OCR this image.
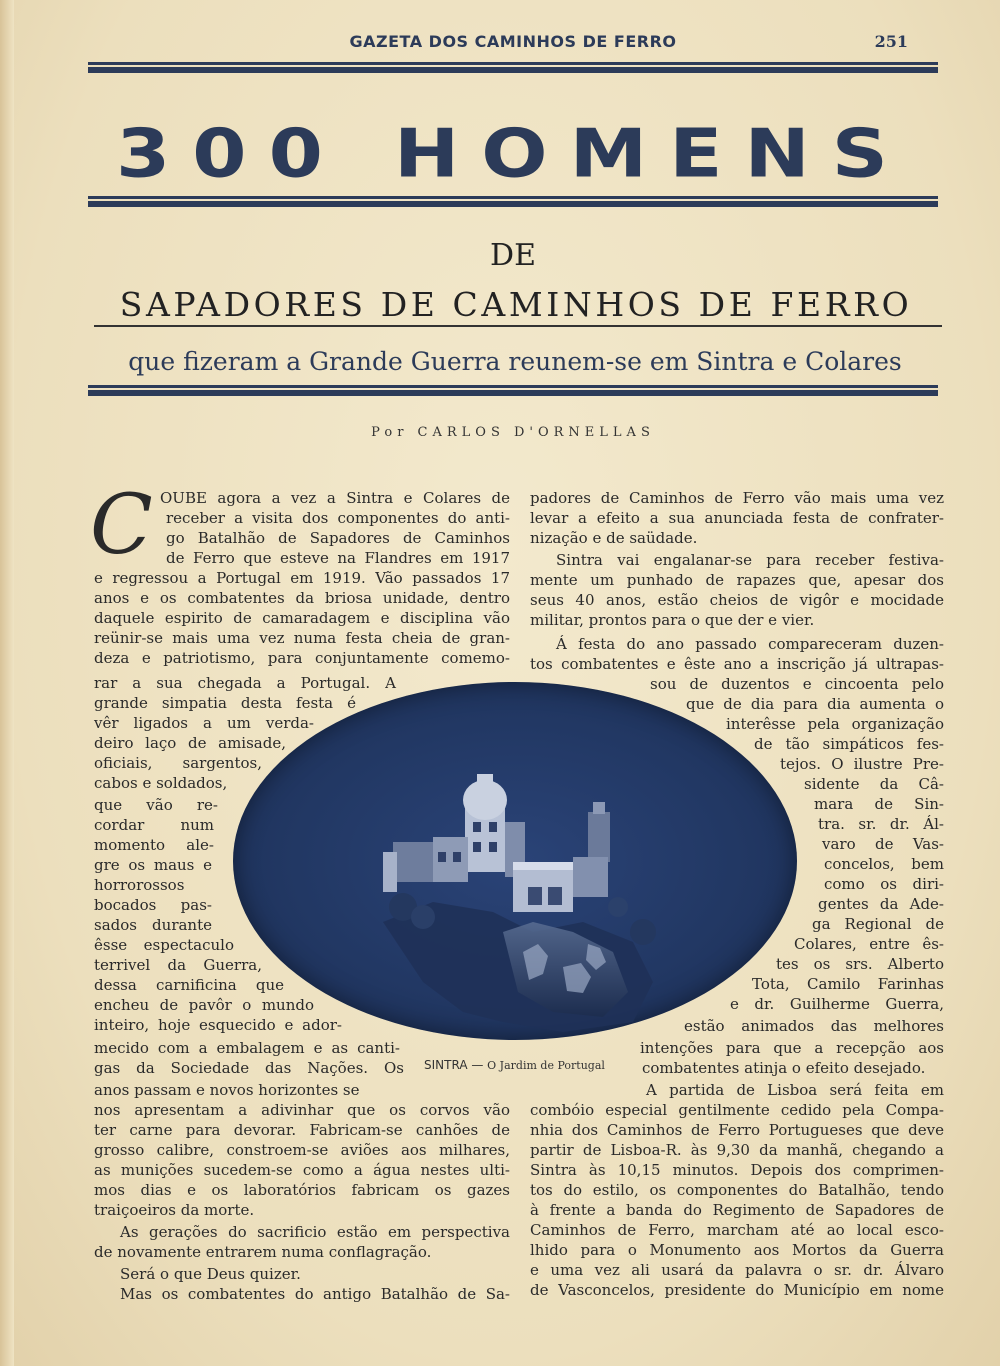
GAZETA DOS CAMINHOS DE FERRO	251
300 HOMENS
DE
SAPADORES DE CAMINHOS DE FERRO
que fizeram a Grande Guerra reunem-se em Sintra e Colares
Por CARLOS D'ORNELLAS
C OUBE agora a vez a Sintra e Colares de

receber a visita dos componentes do anti-

go Batalhão de Sapadores de Caminhos

de Ferro que esteve na Flandres em 1917

e regressou a Portugal em 1919. Vão passados 17

anos e os combatentes da briosa unidade, dentro

daquele espirito de camaradagem e disciplina vão

reünir-se mais uma vez numa festa cheia de gran-

deza e patriotismo, para conjuntamente comemo-

rar a sua chegada a Portugal. A

grande simpatia desta festa é

vêr ligados a um verda-

deiro laço de amisade,

oficiais, sargentos,

cabos e soldados,

que vão re-

cordar num

momento ale-

gre os maus e

horrorossos

bocados pas-

sados durante

êsse espectaculo

terrivel da Guerra,

dessa carnificina que

encheu de pavôr o mundo

inteiro, hoje esquecido e ador-

mecido com a embalagem e as canti-

gas da Sociedade das Nações. Os

anos passam e novos horizontes se

nos apresentam a adivinhar que os corvos vão

ter carne para devorar. Fabricam-se canhões de

grosso calibre, constroem-se aviões aos milhares,

as munições sucedem-se como a água nestes ulti-

mos dias e os laboratórios fabricam os gazes

traiçoeiros da morte.

As gerações do sacrificio estão em perspectiva

de novamente entrarem numa conflagração.

Será o que Deus quizer.

Mas os combatentes do antigo Batalhão de Sa-

padores de Caminhos de Ferro vão mais uma vez

levar a efeito a sua anunciada festa de confrater-

nização e de saüdade.

Sintra vai engalanar-se para receber festiva-

mente um punhado de rapazes que, apesar dos

seus 40 anos, estão cheios de vigôr e mocidade

militar, prontos para o que der e vier.

Á festa do ano passado compareceram duzen-

tos combatentes e êste ano a inscrição já ultrapas-

sou de duzentos e cincoenta pelo

que de dia para dia aumenta o

interêsse pela organização

de tão simpáticos fes-

tejos. O ilustre Pre-

sidente da Câ-

mara de Sin-

tra. sr. dr. Ál-

varo de Vas-

concelos, bem

como os diri-

gentes da Ade-

ga Regional de

Colares, entre ês-

tes os srs. Alberto

Tota, Camilo Farinhas

e dr. Guilherme Guerra,

estão animados das melhores

intenções para que a recepção aos

combatentes atinja o efeito desejado.

A partida de Lisboa será feita em

combóio especial gentilmente cedido pela Compa-

nhia dos Caminhos de Ferro Portugueses que deve

partir de Lisboa-R. às 9,30 da manhã, chegando a

Sintra às 10,15 minutos. Depois dos comprimen-

tos do estilo, os componentes do Batalhão, tendo

à frente a banda do Regimento de Sapadores de

Caminhos de Ferro, marcham até ao local esco-

lhido para o Monumento aos Mortos da Guerra

e uma vez ali usará da palavra o sr. dr. Álvaro

de Vasconcelos, presidente do Município em nome

SINTRA — O Jardim de Portugal
